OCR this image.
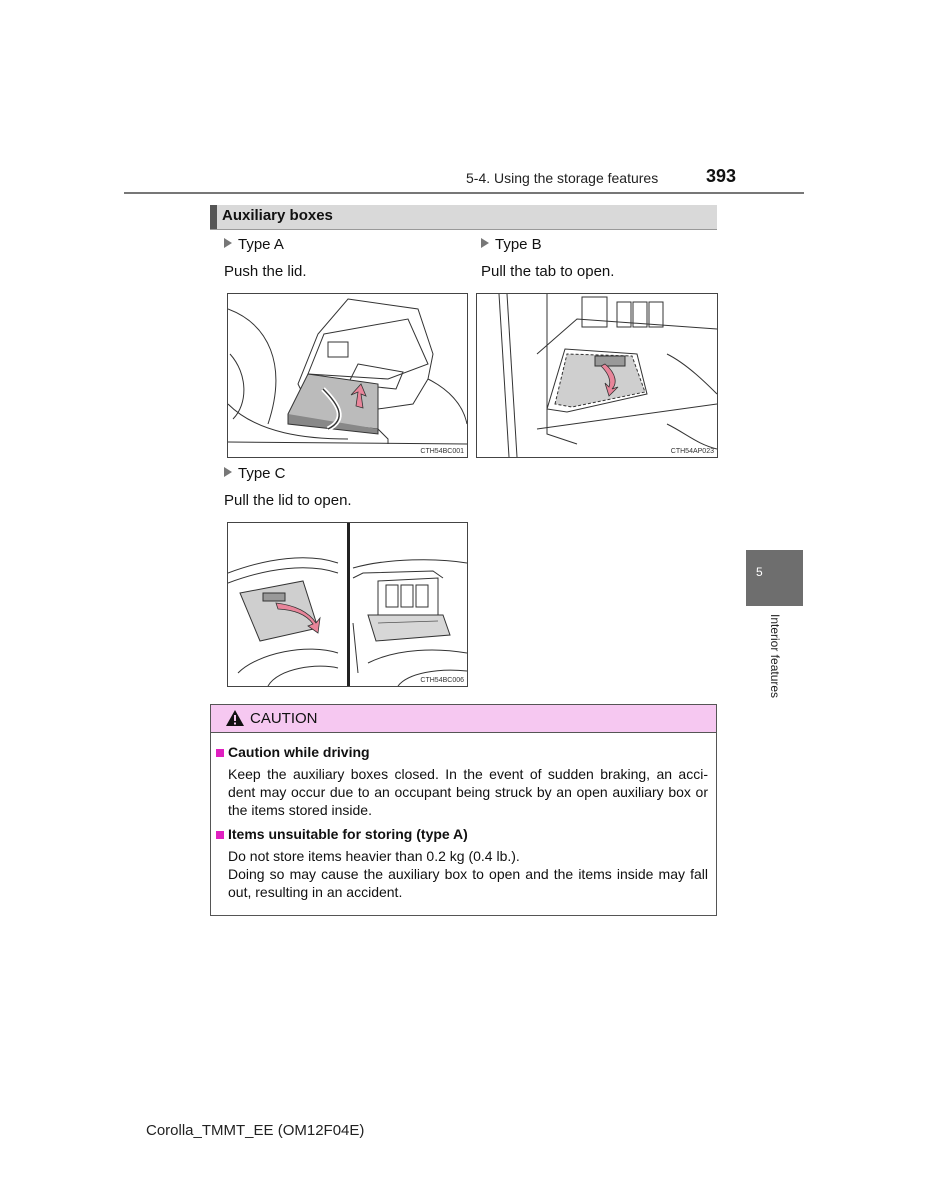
5-4. Using the storage features	393
Auxiliary boxes
Type A
Push the lid.
Type B
Pull the tab to open.
CTH54BC001	CTH54AP023
Type C
Pull the lid to open.
CTH54BC006
5
Interior features
CAUTION
Caution while driving
Keep the auxiliary boxes closed. In the event of sudden braking, an acci-
dent may occur due to an occupant being struck by an open auxiliary box or
the items stored inside.
Items unsuitable for storing (type A)
Do not store items heavier than 0.2 kg (0.4 lb.).
Doing so may cause the auxiliary box to open and the items inside may fall
out, resulting in an accident.
Corolla_TMMT_EE (OM12F04E)
